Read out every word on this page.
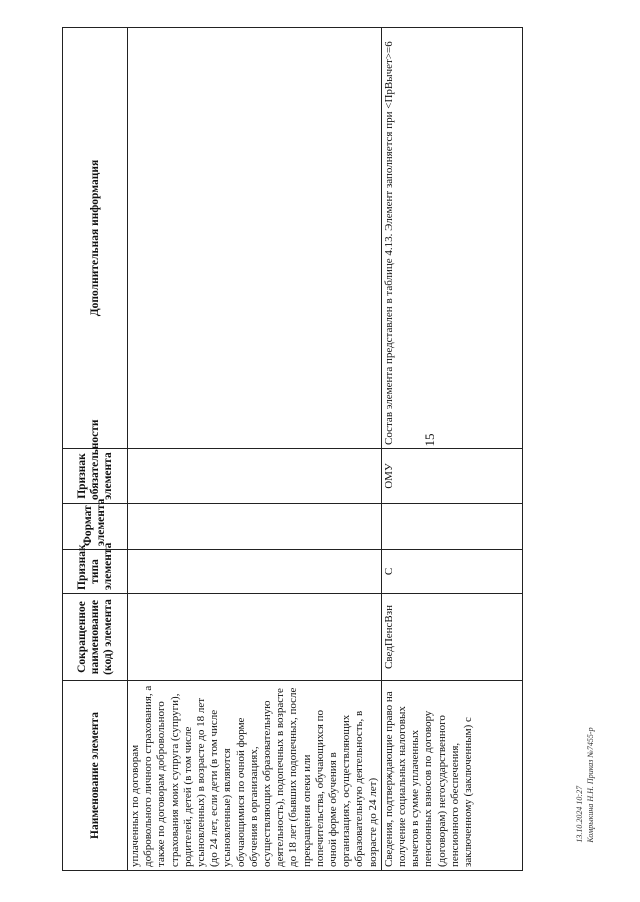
15
Наименование элемента	Сокращенное наименование (код) элемента	Признак типа элемента	Формат элемента	Признак обязательности элемента	Дополнительная информация
уплаченных по договорам добровольного личного страхования, а также по договорам добровольного страхования моих супруга (супруги), родителей, детей (в том числе усыновленных) в возрасте до 18 лет (до 24 лет, если дети (в том числе усыновленные) являются обучающимися по очной форме обучения в организациях, осуществляющих образовательную деятельность), подопечных в возрасте до 18 лет (бывших подопечных, после прекращения опеки или попечительства, обучающихся по очной форме обучения в организациях, осуществляющих образовательную деятельность, в возрасте до 24 лет)					
Сведения, подтверждающие право на получение социальных налоговых вычетов в сумме уплаченных пенсионных взносов по договору (договорам) негосударственного пенсионного обеспечения, заключенному (заключенным) с	СведПенсВзн	С		ОМУ	Состав элемента представлен в таблице 4.13. Элемент заполняется при <ПрВычет>=6
13.10.2024 10:27 Комрыкина Н.Н. Приказ №7455-р
